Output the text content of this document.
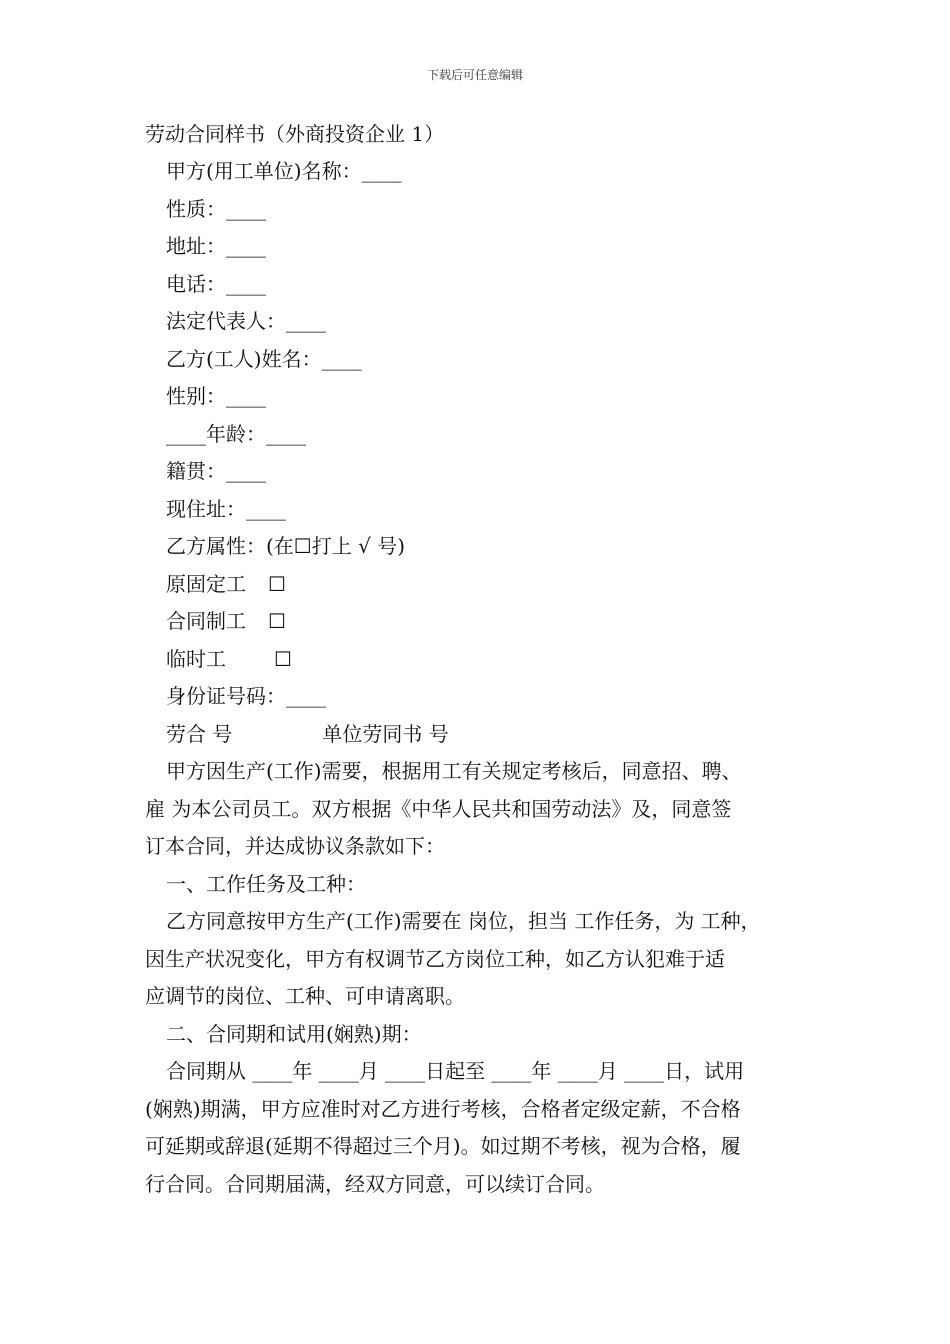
下载后可任意编辑
劳动合同样书（外商投资企业 1）
甲方(用工单位)名称：____
性质：____
地址：____
电话：____
法定代表人：____
乙方(工人)姓名：____
性别：____
____年龄：____
籍贯：____
现住址：____
乙方属性：(在☐打上 √ 号)
原固定工 ☐
合同制工 ☐
临时工 ☐
身份证号码：____
劳合 号	单位劳同书 号
甲方因生产(工作)需要，根据用工有关规定考核后，同意招、聘、
雇 为本公司员工。双方根据《中华人民共和国劳动法》及，同意签
订本合同，并达成协议条款如下：
一、工作任务及工种：
乙方同意按甲方生产(工作)需要在 岗位，担当 工作任务，为 工种，
因生产状况变化，甲方有权调节乙方岗位工种，如乙方认犯难于适
应调节的岗位、工种、可申请离职。
二、合同期和试用(娴熟)期：
合同期从 ____年 ____月 ____日起至 ____年 ____月 ____日，试用
(娴熟)期满，甲方应准时对乙方进行考核，合格者定级定薪，不合格
可延期或辞退(延期不得超过三个月)。如过期不考核，视为合格，履
行合同。合同期届满，经双方同意，可以续订合同。
